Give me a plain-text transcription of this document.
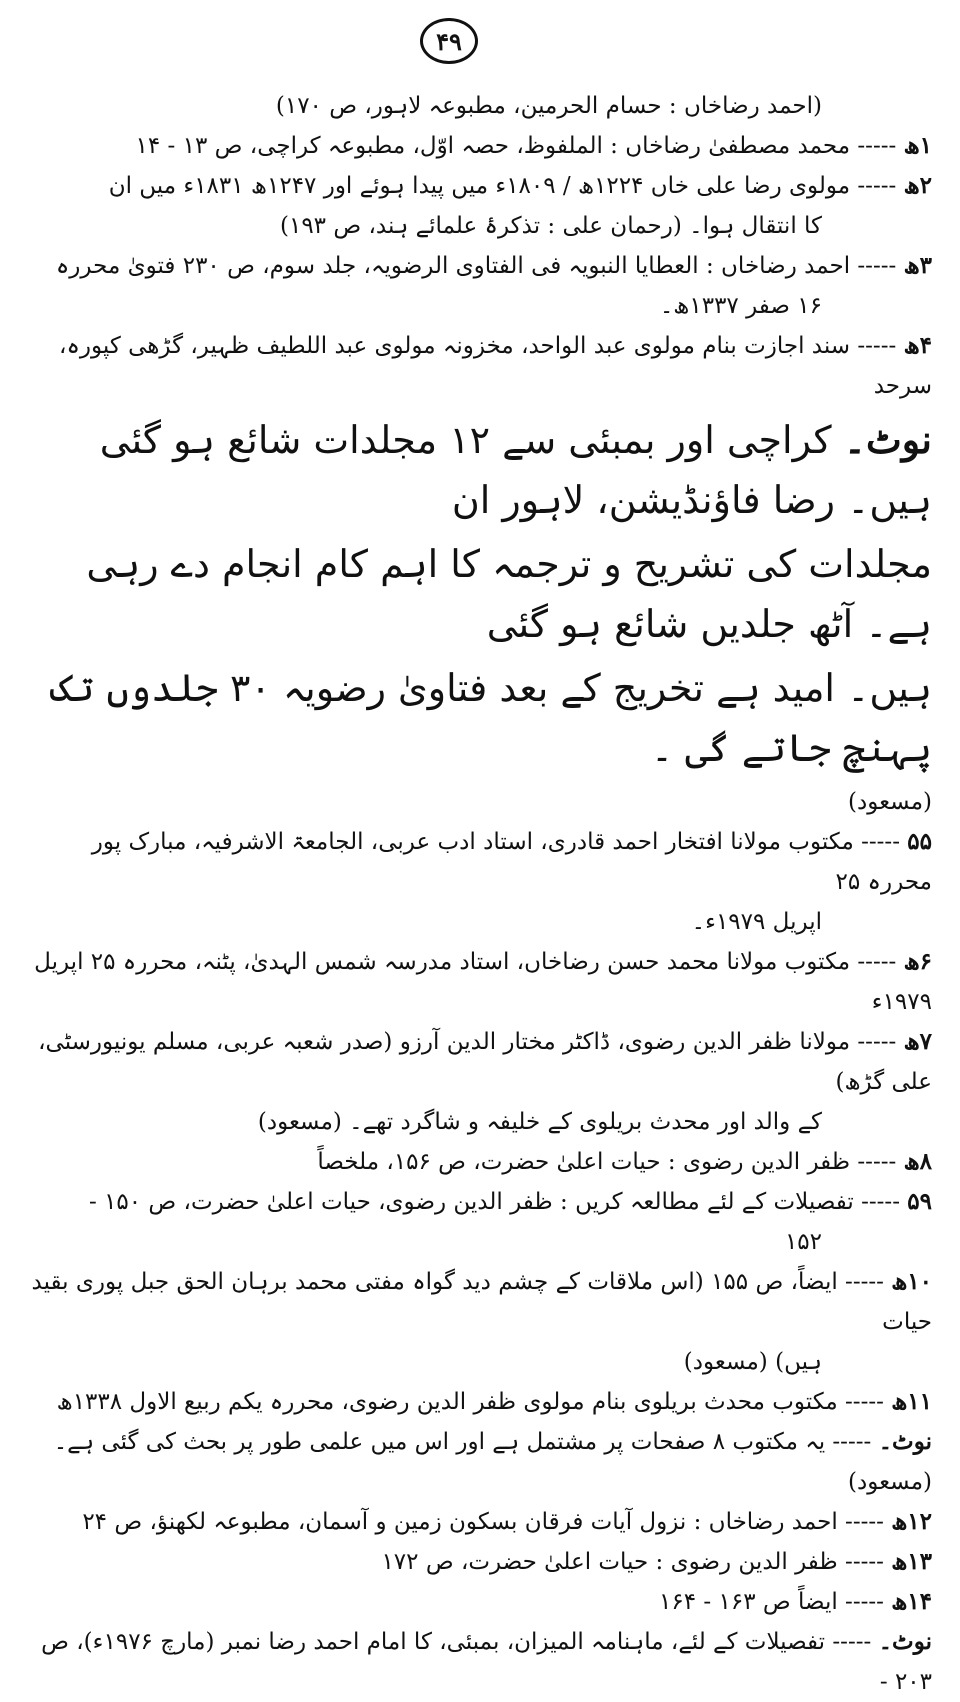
۴۹

(احمد رضاخاں : حسام الحرمین، مطبوعہ لاہور، ص ۱۷۰)

۱ھ ----- محمد مصطفیٰ رضاخاں : الملفوظ، حصہ اوّل، مطبوعہ کراچی، ص ۱۳ - ۱۴

۲ھ ----- مولوی رضا علی خاں ۱۲۲۴ھ / ۱۸۰۹ء میں پیدا ہوئے اور ۱۲۴۷ھ ۱۸۳۱ء میں ان

کا انتقال ہوا۔ (رحمان علی : تذکرۂ علمائے ہند، ص ۱۹۳)

۳ھ ----- احمد رضاخاں : العطایا النبویہ فی الفتاوی الرضویہ، جلد سوم، ص ۲۳۰ فتویٰ محررہ

۱۶ صفر ۱۳۳۷ھ۔

۴ھ ----- سند اجازت بنام مولوی عبد الواحد، مخزونہ مولوی عبد اللطیف ظہیر، گڑھی کپورہ، سرحد

نوٹ۔ کراچی اور بمبئی سے ۱۲ مجلدات شائع ہو گئی ہیں۔ رضا فاؤنڈیشن، لاہور ان

مجلدات کی تشریح و ترجمہ کا اہم کام انجام دے رہی ہے۔ آٹھ جلدیں شائع ہو گئی

ہیں۔ امید ہے تخریج کے بعد فتاویٰ رضویہ ۳۰ جلدوں تک پہنچ جاتے گی ۔

(مسعود)

۵۵ ----- مکتوب مولانا افتخار احمد قادری، استاد ادب عربی، الجامعۃ الاشرفیہ، مبارک پور محررہ ۲۵

اپریل ۱۹۷۹ء۔

۶ھ ----- مکتوب مولانا محمد حسن رضاخاں، استاد مدرسہ شمس الہدیٰ، پٹنہ، محررہ ۲۵ اپریل ۱۹۷۹ء

۷ھ ----- مولانا ظفر الدین رضوی، ڈاکٹر مختار الدین آرزو (صدر شعبہ عربی، مسلم یونیورسٹی، علی گڑھ)

کے والد اور محدث بریلوی کے خلیفہ و شاگرد تھے۔ (مسعود)

۸ھ ----- ظفر الدین رضوی : حیات اعلیٰ حضرت، ص ۱۵۶، ملخصاً

۵۹ ----- تفصیلات کے لئے مطالعہ کریں : ظفر الدین رضوی، حیات اعلیٰ حضرت، ص ۱۵۰ -

۱۵۲

۱۰ھ ----- ایضاً، ص ۱۵۵ (اس ملاقات کے چشم دید گواہ مفتی محمد برہان الحق جبل پوری بقید حیات

ہیں) (مسعود)

۱۱ھ ----- مکتوب محدث بریلوی بنام مولوی ظفر الدین رضوی، محررہ یکم ربیع الاول ۱۳۳۸ھ

نوٹ۔ ----- یہ مکتوب ۸ صفحات پر مشتمل ہے اور اس میں علمی طور پر بحث کی گئی ہے۔ (مسعود)

۱۲ھ ----- احمد رضاخاں : نزول آیات فرقان بسکون زمین و آسمان، مطبوعہ لکھنؤ، ص ۲۴

۱۳ھ ----- ظفر الدین رضوی : حیات اعلیٰ حضرت، ص ۱۷۲

۱۴ھ ----- ایضاً ص ۱۶۳ - ۱۶۴

نوٹ۔ ----- تفصیلات کے لئے، ماہنامہ المیزان، بمبئی، کا امام احمد رضا نمبر (مارچ ۱۹۷۶ء)، ص ۲۰۳ -
